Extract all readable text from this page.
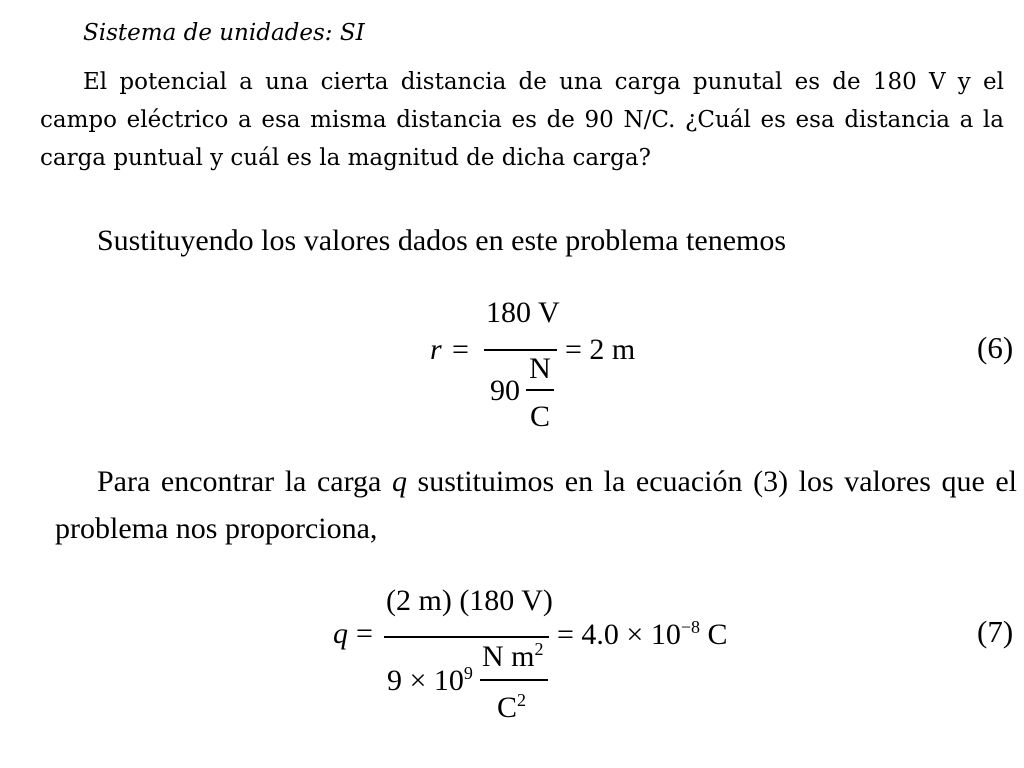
Sistema de unidades: SI
El potencial a una cierta distancia de una carga punutal es de 180 V y el campo eléctrico a esa misma distancia es de 90 N/C. ¿Cuál es esa distancia a la carga puntual y cuál es la magnitud de dicha carga?
Sustituyendo los valores dados en este problema tenemos
r =
180 V
90
N
C
= 2 m	(6)
Para encontrar la carga q sustituimos en la ecuación (3) los valores que el problema nos proporciona,
q =
(2 m) (180 V)
$9 \times 10^9$ N $m^2$
$C^2$
= $4.0 \times 10^{-8}$ C	(7)
